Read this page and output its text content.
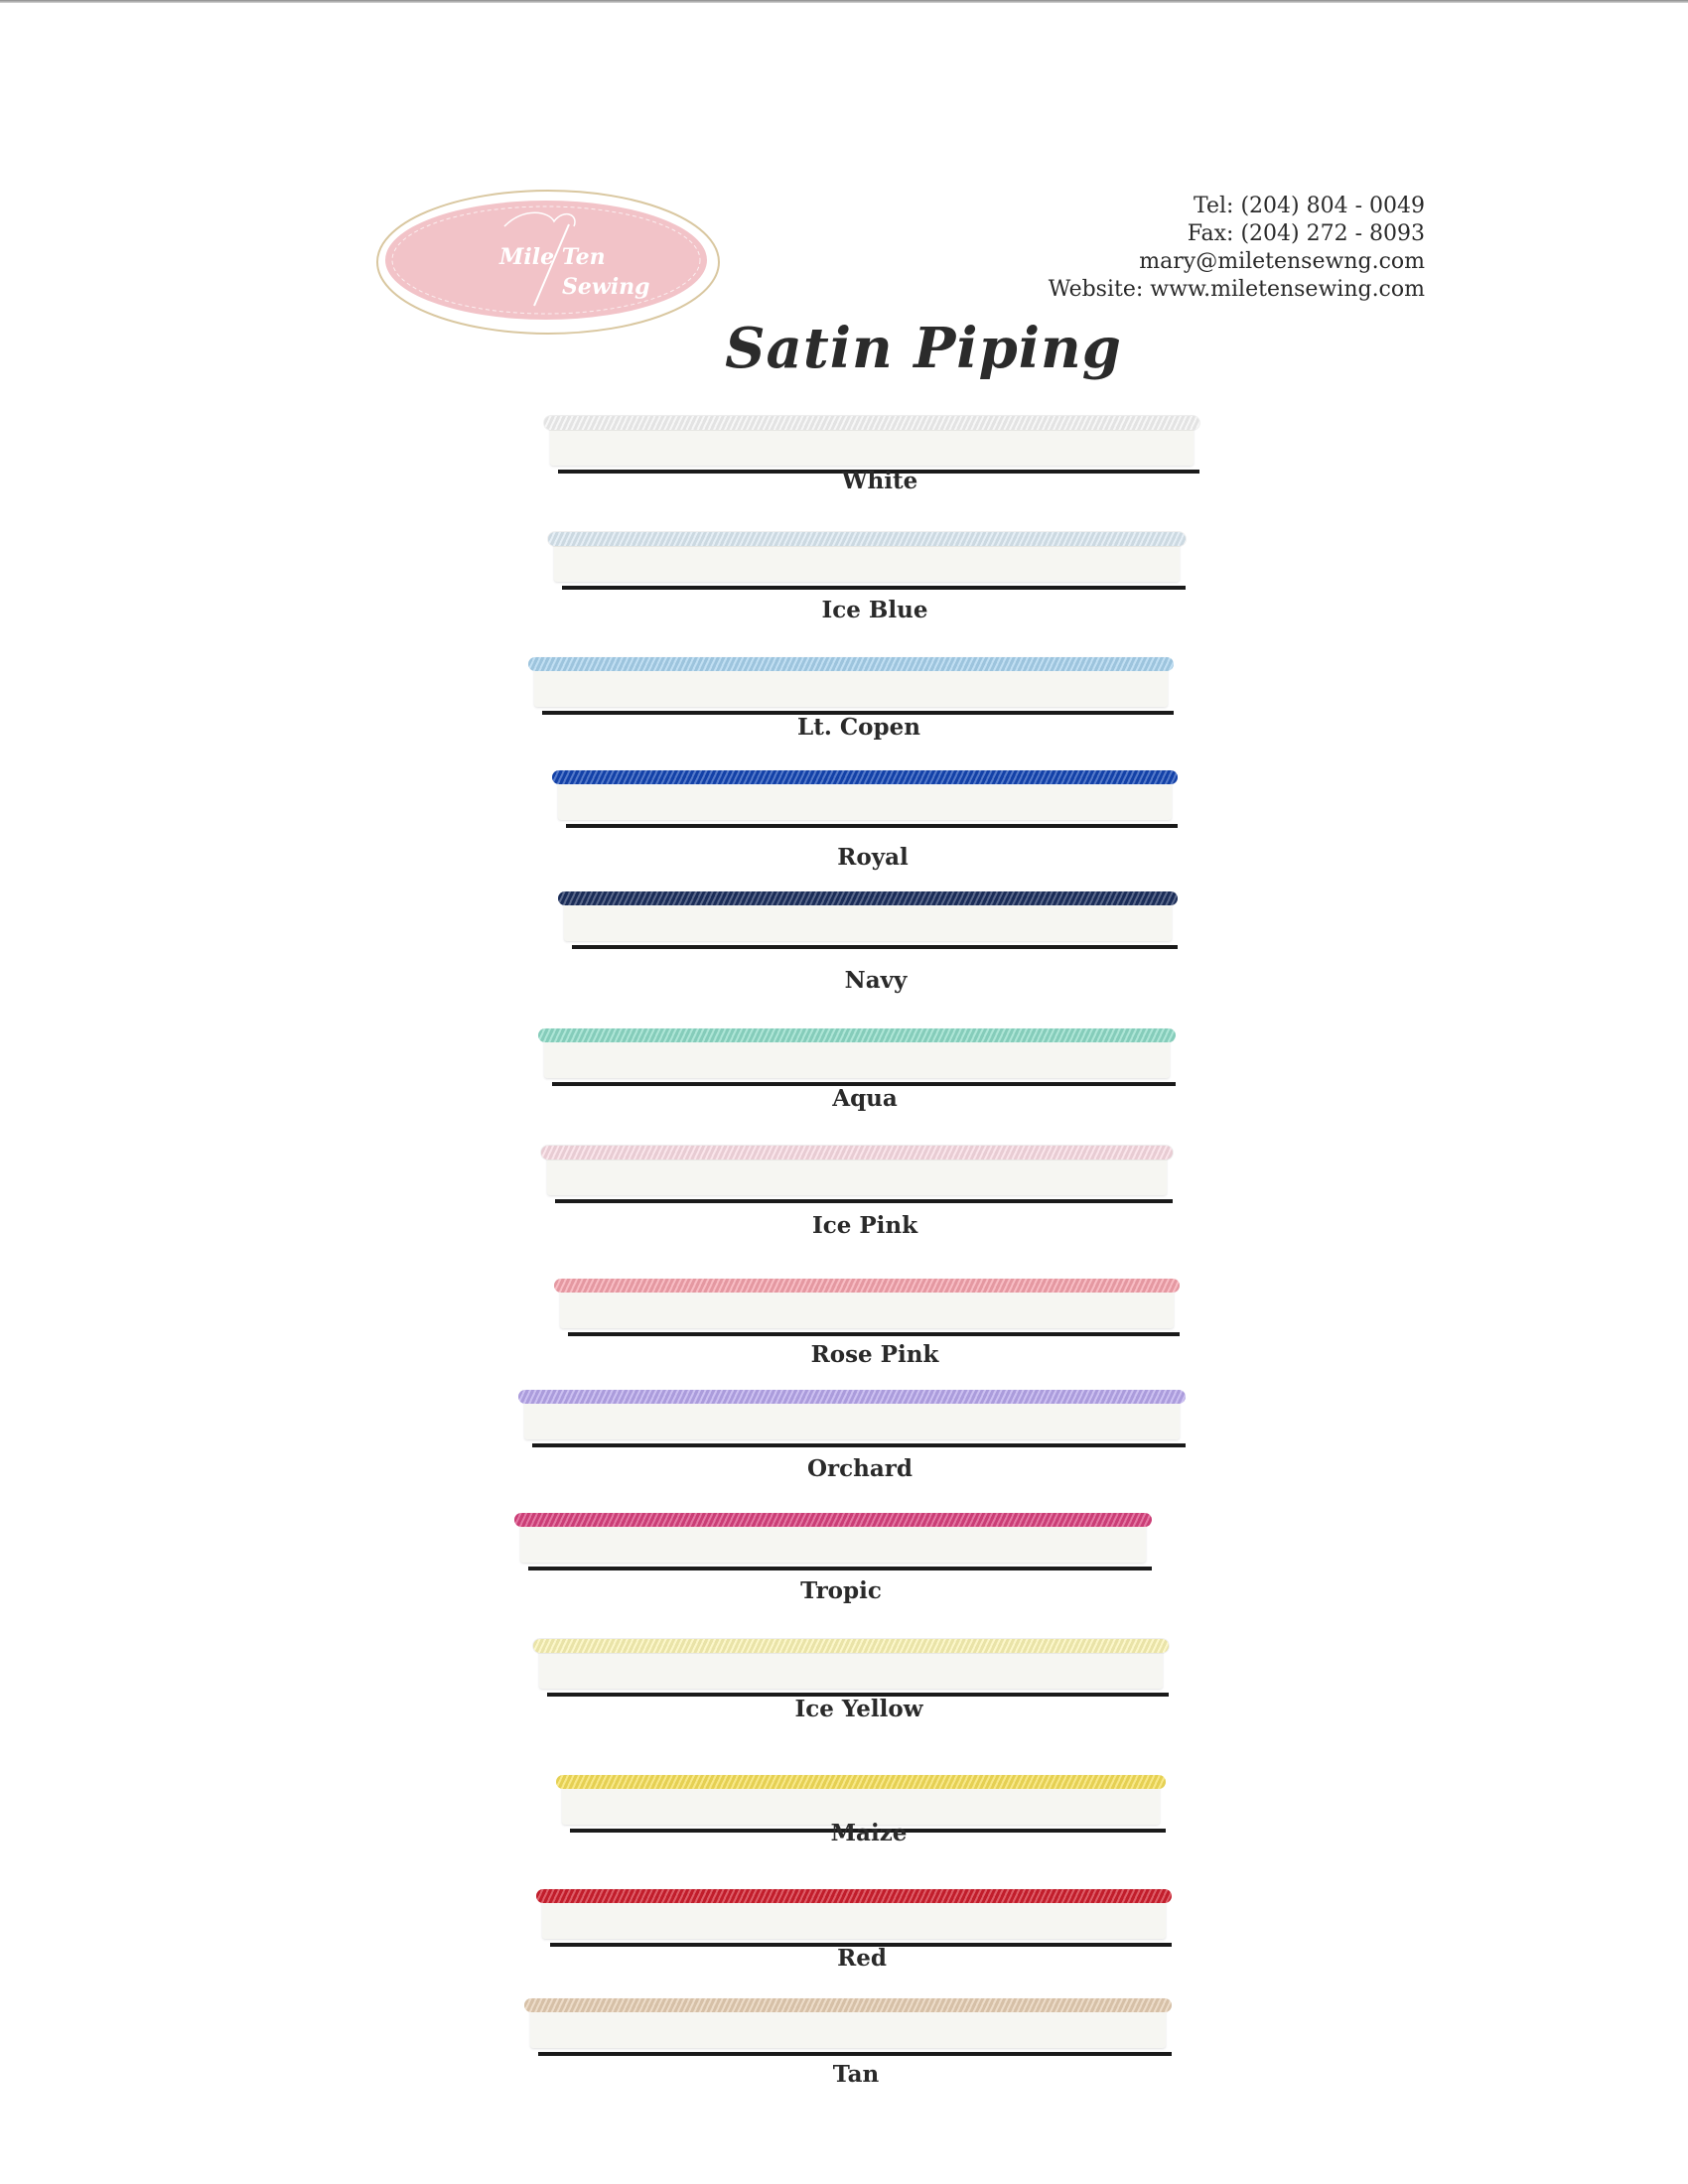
Mile Ten
Sewing
Tel: (204) 804 - 0049
Fax: (204) 272 - 8093
mary@miletensewng.com
Website: www.miletensewing.com
Satin Piping
White
Ice Blue
Lt. Copen
Royal
Navy
Aqua
Ice Pink
Rose Pink
Orchard
Tropic
Ice Yellow
Maize
Red
Tan
